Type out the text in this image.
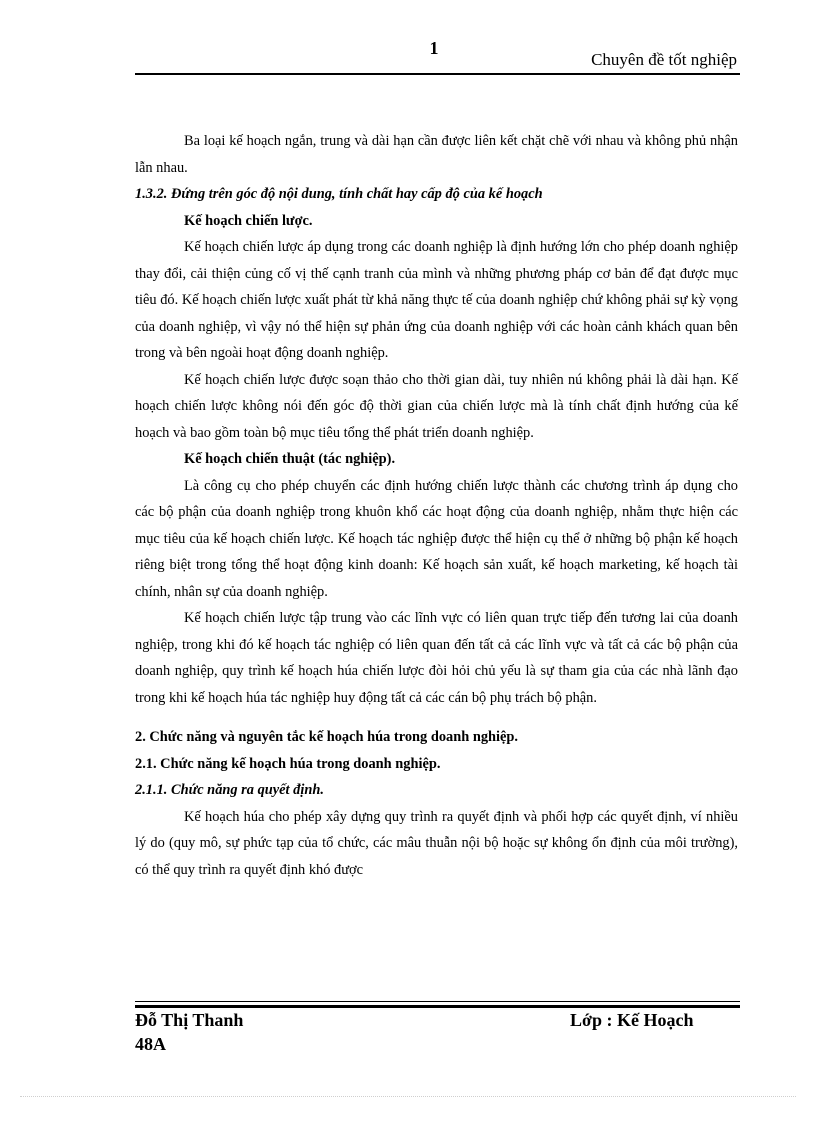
1
Chuyên đề tốt nghiệp

Ba loại kế hoạch ngắn, trung và dài hạn cần được liên kết chặt chẽ với nhau và không phủ nhận lẫn nhau.

1.3.2. Đứng trên góc độ nội dung, tính chất hay cấp độ của kế hoạch

Kế hoạch chiến lược.

Kế hoạch chiến lược áp dụng trong các doanh nghiệp là định hướng lớn cho phép doanh nghiệp thay đổi, cải thiện củng cố vị thế cạnh tranh của mình và những phương pháp cơ bản để đạt được mục tiêu đó. Kế hoạch chiến lược xuất phát từ khả năng thực tế của doanh nghiệp chứ không phải sự kỳ vọng của doanh nghiệp, vì vậy nó thể hiện sự phản ứng của doanh nghiệp với các hoàn cảnh khách quan bên trong và bên ngoài hoạt động doanh nghiệp.

Kế hoạch chiến lược được soạn thảo cho thời gian dài, tuy nhiên nú không phải là dài hạn. Kế hoạch chiến lược không nói đến góc độ thời gian của chiến lược mà là tính chất định hướng của kế hoạch và bao gồm toàn bộ mục tiêu tổng thể phát triển doanh nghiệp.

Kế hoạch chiến thuật (tác nghiệp).

Là công cụ cho phép chuyển các định hướng chiến lược thành các chương trình áp dụng cho các bộ phận của doanh nghiệp trong khuôn khổ các hoạt động của doanh nghiệp, nhằm thực hiện các mục tiêu của kế hoạch chiến lược. Kế hoạch tác nghiệp được thể hiện cụ thể ở những bộ phận kế hoạch riêng biệt trong tổng thể hoạt động kinh doanh: Kế hoạch sản xuất, kế hoạch marketing, kế hoạch tài chính, nhân sự của doanh nghiệp.

Kế hoạch chiến lược tập trung vào các lĩnh vực có liên quan trực tiếp đến tương lai của doanh nghiệp, trong khi đó kế hoạch tác nghiệp có liên quan đến tất cả các lĩnh vực và tất cả các bộ phận của doanh nghiệp, quy trình kế hoạch húa chiến lược đòi hỏi chủ yếu là sự tham gia của các nhà lãnh đạo trong khi kế hoạch húa tác nghiệp huy động tất cả các cán bộ phụ trách bộ phận.

2. Chức năng và nguyên tắc kế hoạch húa trong doanh nghiệp.

2.1. Chức năng kế hoạch húa trong doanh nghiệp.

2.1.1. Chức năng ra quyết định.

Kế hoạch húa cho phép xây dựng quy trình ra quyết định và phối hợp các quyết định, ví nhiều lý do (quy mô, sự phức tạp của tổ chức, các mâu thuẫn nội bộ hoặc sự không ổn định của môi trường), có thể quy trình ra quyết định khó được

Đỗ Thị Thanh
48A
Lớp : Kế Hoạch
